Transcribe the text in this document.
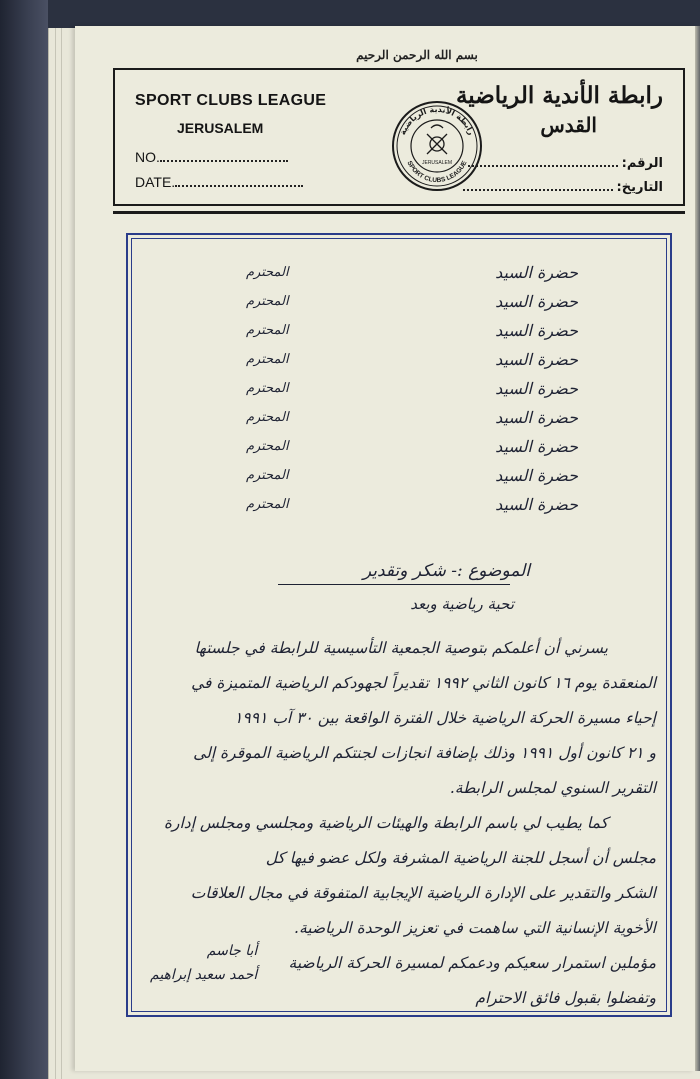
بسم الله الرحمن الرحيم
SPORT CLUBS LEAGUE
JERUSALEM
NO.
DATE.
رابطة الأندية الرياضية
SPORT CLUBS LEAGUE
JERUSALEM
رابطة الأندية الرياضية
القدس
الرقم:
التاريخ:
حضرة السيد
المحترم
حضرة السيد
المحترم
حضرة السيد
المحترم
حضرة السيد
المحترم
حضرة السيد
المحترم
حضرة السيد
المحترم
حضرة السيد
المحترم
حضرة السيد
المحترم
حضرة السيد
المحترم
الموضوع :- شكر وتقدير
تحية رياضية وبعد

يسرني أن أعلمكم بتوصية الجمعية التأسيسية للرابطة في جلستها

المنعقدة يوم ١٦ كانون الثاني ١٩٩٢ تقديراً لجهودكم الرياضية المتميزة في

إحياء مسيرة الحركة الرياضية خلال الفترة الواقعة بين ٣٠ آب ١٩٩١

و ٢١ كانون أول ١٩٩١ وذلك بإضافة انجازات لجنتكم الرياضية الموقرة إلى

التقرير السنوي لمجلس الرابطة.

كما يطيب لي باسم الرابطة والهيئات الرياضية ومجلسي ومجلس إدارة

مجلس أن أسجل للجنة الرياضية المشرفة ولكل عضو فيها كل

الشكر والتقدير على الإدارة الرياضية الإيجابية المتفوقة في مجال العلاقات

الأخوية الإنسانية التي ساهمت في تعزيز الوحدة الرياضية.

مؤملين استمرار سعيكم ودعمكم لمسيرة الحركة الرياضية

وتفضلوا بقبول فائق الاحترام

أبا جاسم
أحمد سعيد إبراهيم
